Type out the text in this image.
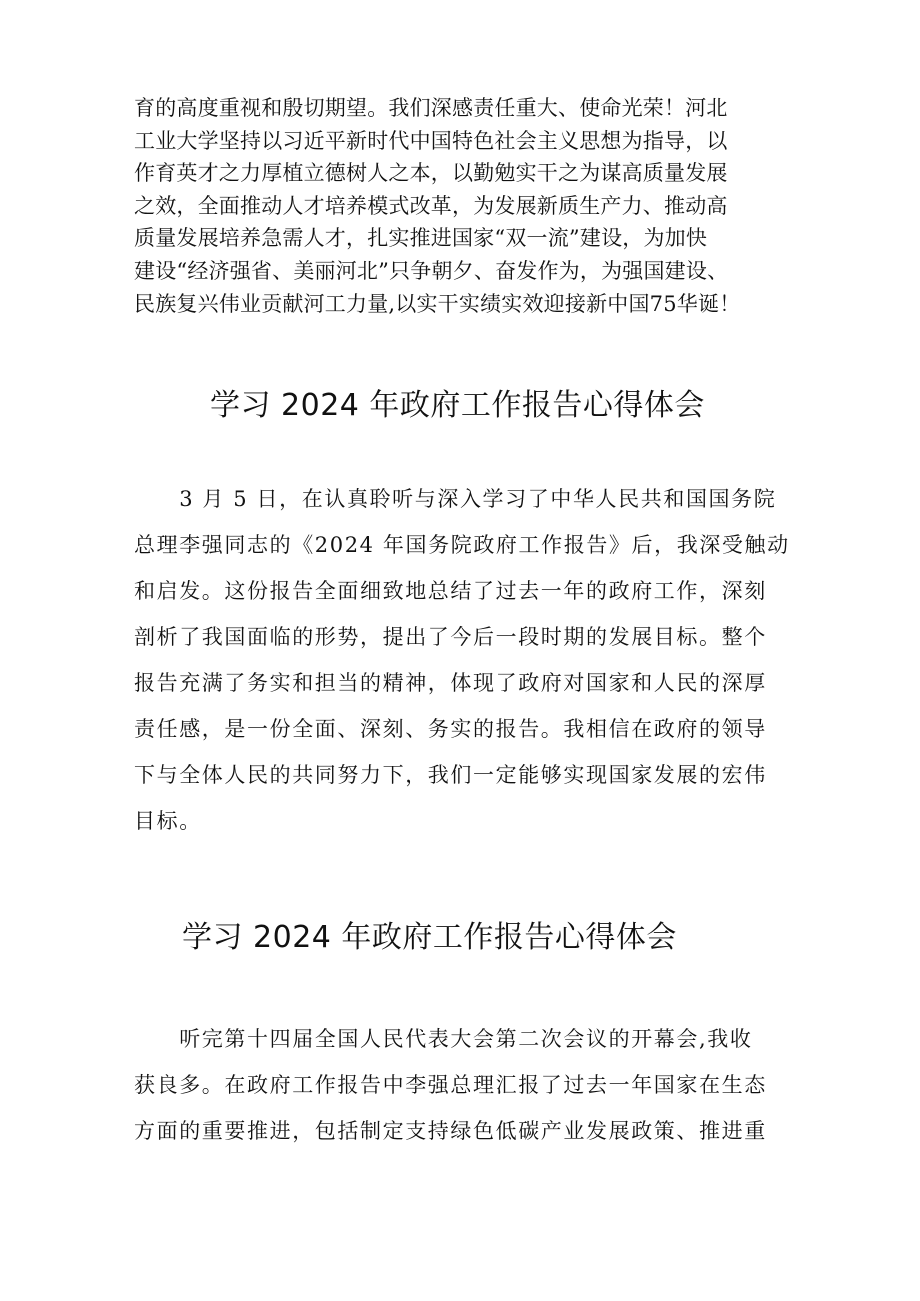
育的高度重视和殷切期望。我们深感责任重大、使命光荣！河北
工业大学坚持以习近平新时代中国特色社会主义思想为指导，以
作育英才之力厚植立德树人之本，以勤勉实干之为谋高质量发展
之效，全面推动人才培养模式改革，为发展新质生产力、推动高
质量发展培养急需人才，扎实推进国家“双一流”建设，为加快
建设“经济强省、美丽河北”只争朝夕、奋发作为，为强国建设、
民族复兴伟业贡献河工力量,以实干实绩实效迎接新中国75华诞！
学习 2024 年政府工作报告心得体会
　　3 月 5 日，在认真聆听与深入学习了中华人民共和国国务院
总理李强同志的《2024 年国务院政府工作报告》后，我深受触动
和启发。这份报告全面细致地总结了过去一年的政府工作，深刻
剖析了我国面临的形势，提出了今后一段时期的发展目标。整个
报告充满了务实和担当的精神，体现了政府对国家和人民的深厚
责任感，是一份全面、深刻、务实的报告。我相信在政府的领导
下与全体人民的共同努力下，我们一定能够实现国家发展的宏伟
目标。
学习 2024 年政府工作报告心得体会
　　听完第十四届全国人民代表大会第二次会议的开幕会,我收
获良多。在政府工作报告中李强总理汇报了过去一年国家在生态
方面的重要推进，包括制定支持绿色低碳产业发展政策、推进重
